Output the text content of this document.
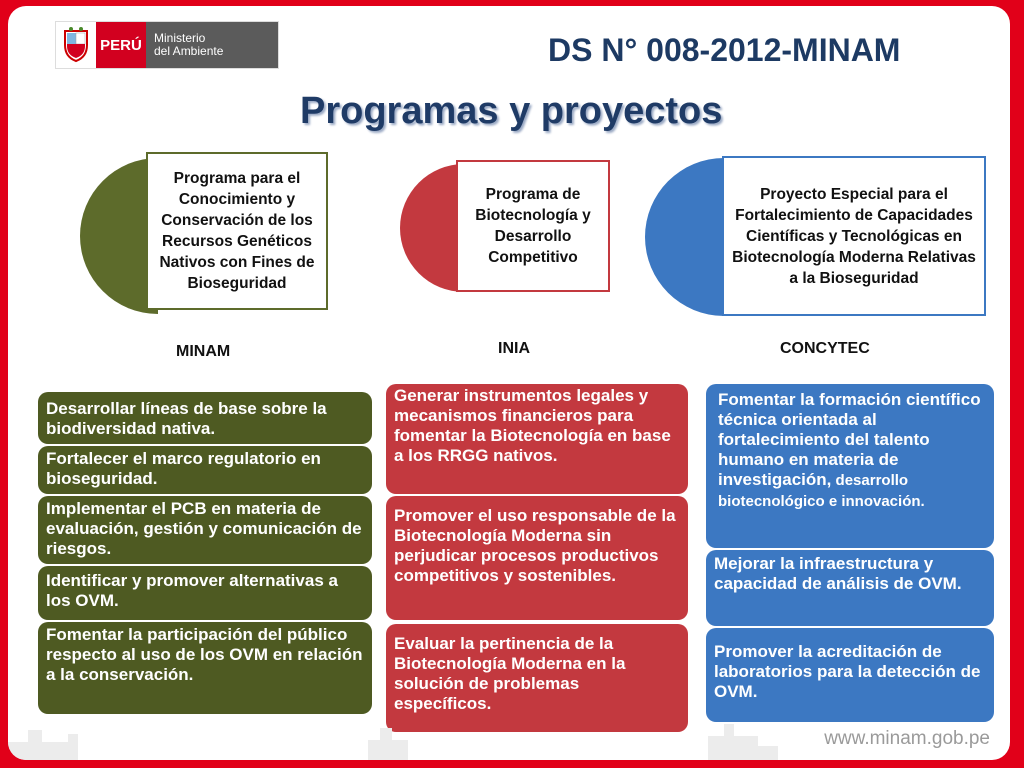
PERÚ	Ministerio
del Ambiente	DS N° 008-2012-MINAM
Programas y proyectos
Programa para el Conocimiento y Conservación de los Recursos Genéticos Nativos con Fines de Bioseguridad
Programa de Biotecnología y Desarrollo Competitivo
Proyecto Especial para el Fortalecimiento de Capacidades Científicas y Tecnológicas en Biotecnología Moderna Relativas a la Bioseguridad
MINAM	INIA	CONCYTEC
Desarrollar líneas de base sobre la biodiversidad nativa.
Fortalecer el marco regulatorio en bioseguridad.
Implementar el PCB en materia de evaluación, gestión y comunicación de riesgos.
Identificar y promover alternativas a los OVM.
Fomentar la participación del público respecto al uso de los OVM en relación a la conservación.
Generar instrumentos legales y mecanismos financieros para fomentar la Biotecnología en base a los RRGG nativos.
Promover el uso responsable de la Biotecnología Moderna sin perjudicar procesos productivos competitivos y sostenibles.
Evaluar la pertinencia de la Biotecnología Moderna en la solución de problemas específicos.
Fomentar la formación científico técnica orientada al fortalecimiento del talento humano en materia de investigación, desarrollo biotecnológico e innovación.
Mejorar la infraestructura y capacidad de análisis de OVM.
Promover la acreditación de laboratorios para la detección de OVM.
www.minam.gob.pe
